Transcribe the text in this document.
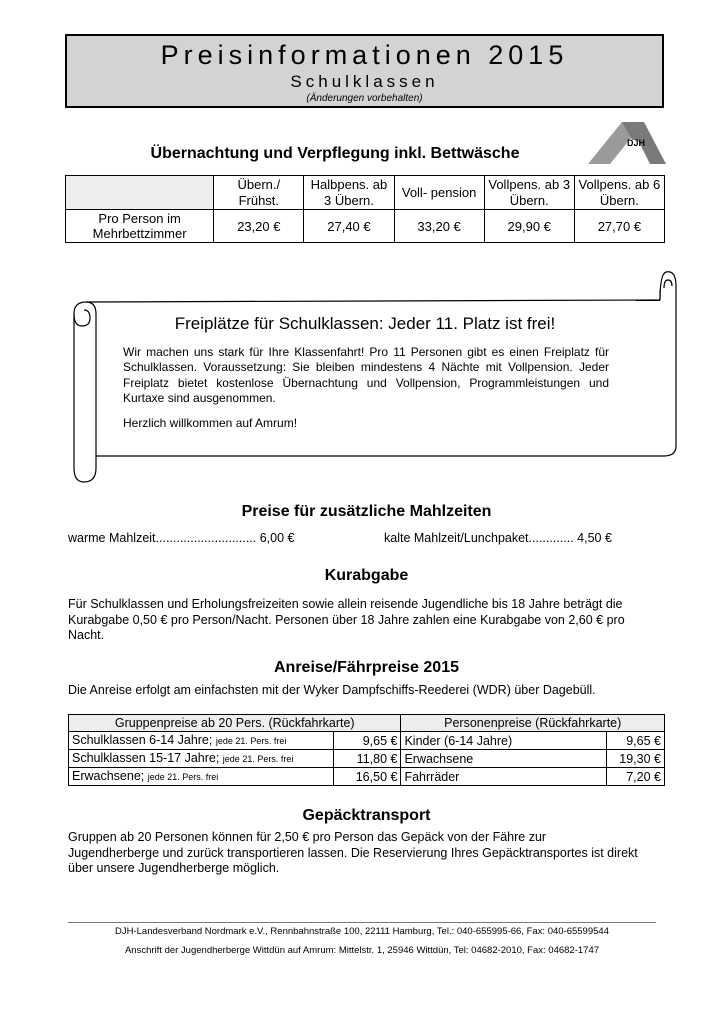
Preisinformationen 2015
Schulklassen
(Änderungen vorbehalten)
Übernachtung und Verpflegung inkl. Bettwäsche
DJH
	Übern./ Frühst.	Halbpens. ab 3 Übern.	Voll- pension	Vollpens. ab 3 Übern.	Vollpens. ab 6 Übern.
Pro Person im Mehrbettzimmer	23,20 €	27,40 €	33,20 €	29,90 €	27,70 €
Freiplätze für Schulklassen: Jeder 11. Platz ist frei!

Wir machen uns stark für Ihre Klassenfahrt! Pro 11 Personen gibt es einen Freiplatz für Schulklassen. Voraussetzung: Sie bleiben mindestens 4 Nächte mit Vollpension. Jeder Freiplatz bietet kostenlose Übernachtung und Vollpension, Programmleistungen und Kurtaxe sind ausgenommen.

Herzlich willkommen auf Amrum!

Preise für zusätzliche Mahlzeiten
warme Mahlzeit............................. 6,00 €	kalte Mahlzeit/Lunchpaket............. 4,50 €
Kurabgabe
Für Schulklassen und Erholungsfreizeiten sowie allein reisende Jugendliche bis 18 Jahre beträgt die Kurabgabe 0,50 € pro Person/Nacht. Personen über 18 Jahre zahlen eine Kurabgabe von 2,60 € pro Nacht.
Anreise/Fährpreise 2015
Die Anreise erfolgt am einfachsten mit der Wyker Dampfschiffs-Reederei (WDR) über Dagebüll.
Gruppenpreise ab 20 Pers. (Rückfahrkarte)		Personenpreise (Rückfahrkarte)	
Schulklassen 6-14 Jahre; jede 21. Pers. frei	9,65 €	Kinder (6-14 Jahre)	9,65 €
Schulklassen 15-17 Jahre; jede 21. Pers. frei	11,80 €	Erwachsene	19,30 €
Erwachsene; jede 21. Pers. frei	16,50 €	Fahrräder	7,20 €
Gepäcktransport
Gruppen ab 20 Personen können für 2,50 € pro Person das Gepäck von der Fähre zur Jugendherberge und zurück transportieren lassen. Die Reservierung Ihres Gepäcktransportes ist direkt über unsere Jugendherberge möglich.
DJH-Landesverband Nordmark e.V., Rennbahnstraße 100, 22111 Hamburg, Tel.: 040-655995-66, Fax: 040-65599544
Anschrift der Jugendherberge Wittdün auf Amrum: Mittelstr. 1, 25946 Wittdün, Tel: 04682-2010, Fax: 04682-1747
